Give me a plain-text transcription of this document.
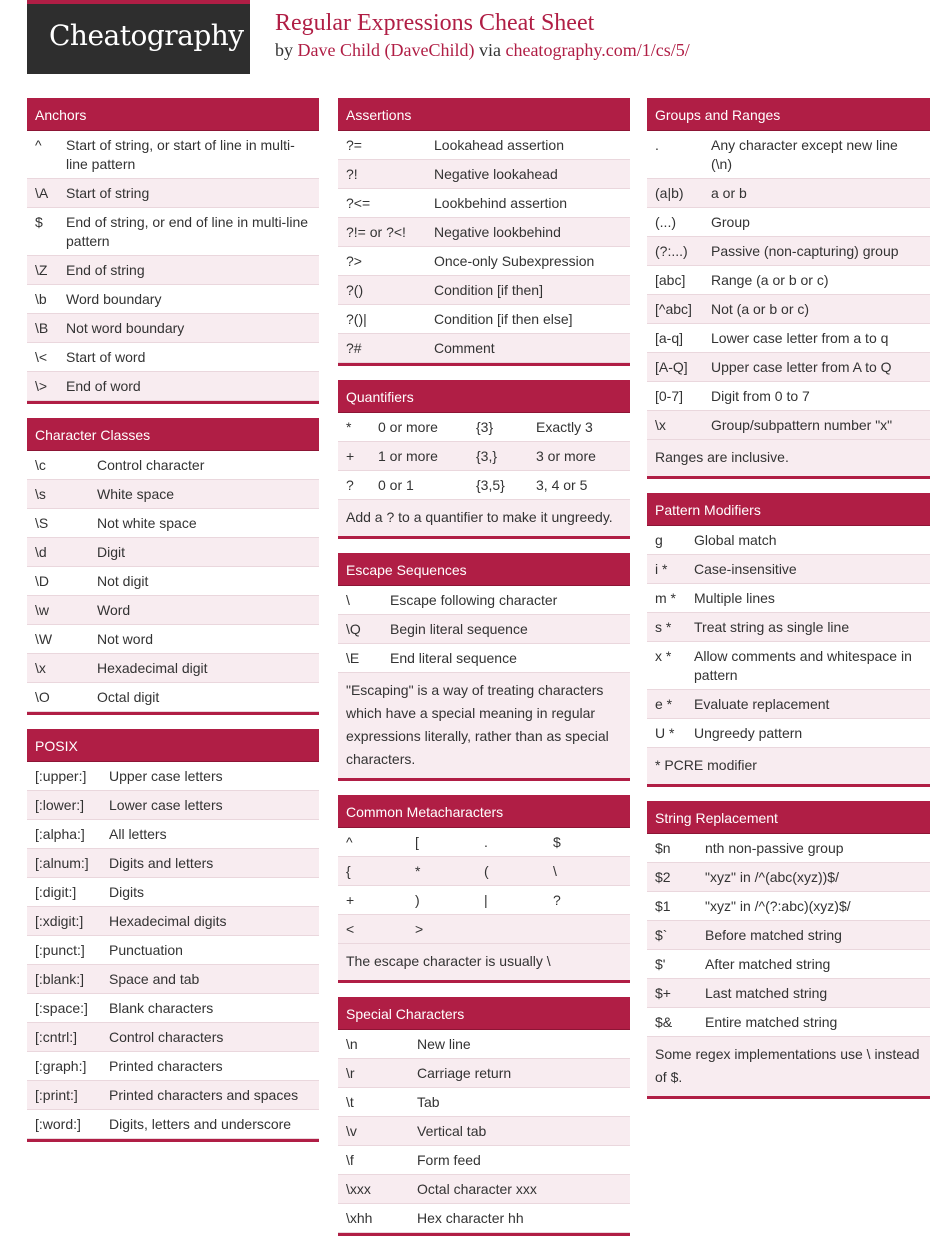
Cheatography Regular Expressions Cheat Sheet
by Dave Child (DaveChild) via cheatography.com/1/cs/5/
Anchors
^	Start of string, or start of line in multi-line pattern
\A	Start of string
$	End of string, or end of line in multi-line pattern
\Z	End of string
\b	Word boundary
\B	Not word boundary
\<	Start of word
\>	End of word
Character Classes
\c	Control character
\s	White space
\S	Not white space
\d	Digit
\D	Not digit
\w	Word
\W	Not word
\x	Hexadecimal digit
\O	Octal digit
POSIX
[:upper:]	Upper case letters
[:lower:]	Lower case letters
[:alpha:]	All letters
[:alnum:]	Digits and letters
[:digit:]	Digits
[:xdigit:]	Hexadecimal digits
[:punct:]	Punctuation
[:blank:]	Space and tab
[:space:]	Blank characters
[:cntrl:]	Control characters
[:graph:]	Printed characters
[:print:]	Printed characters and spaces
[:word:]	Digits, letters and underscore
Assertions
?=	Lookahead assertion
?!	Negative lookahead
?<=	Lookbehind assertion
?!= or ?<!	Negative lookbehind
?>	Once-only Subexpression
?()	Condition [if then]
?()|	Condition [if then else]
?#	Comment
Quantifiers
*	0 or more	{3}	Exactly 3
+	1 or more	{3,}	3 or more
?	0 or 1	{3,5}	3, 4 or 5
Add a ? to a quantifier to make it ungreedy.
Escape Sequences
\	Escape following character
\Q	Begin literal sequence
\E	End literal sequence
"Escaping" is a way of treating characters which have a special meaning in regular expressions literally, rather than as special characters.
Common Metacharacters
^	[	.	$
{	*	(	\
+	)	|	?
<	>
The escape character is usually \
Special Characters
\n	New line
\r	Carriage return
\t	Tab
\v	Vertical tab
\f	Form feed
\xxx	Octal character xxx
\xhh	Hex character hh
Groups and Ranges
.	Any character except new line (\n)
(a|b)	a or b
(...)	Group
(?:...)	Passive (non-capturing) group
[abc]	Range (a or b or c)
[^abc]	Not (a or b or c)
[a-q]	Lower case letter from a to q
[A-Q]	Upper case letter from A to Q
[0-7]	Digit from 0 to 7
\x	Group/subpattern number "x"
Ranges are inclusive.
Pattern Modifiers
g	Global match
i *	Case-insensitive
m *	Multiple lines
s *	Treat string as single line
x *	Allow comments and whitespace in pattern
e *	Evaluate replacement
U *	Ungreedy pattern
* PCRE modifier
String Replacement
$n	nth non-passive group
$2	"xyz" in /^(abc(xyz))$/
$1	"xyz" in /^(?:abc)(xyz)$/
$`	Before matched string
$'	After matched string
$+	Last matched string
$&	Entire matched string
Some regex implementations use \ instead of $.
